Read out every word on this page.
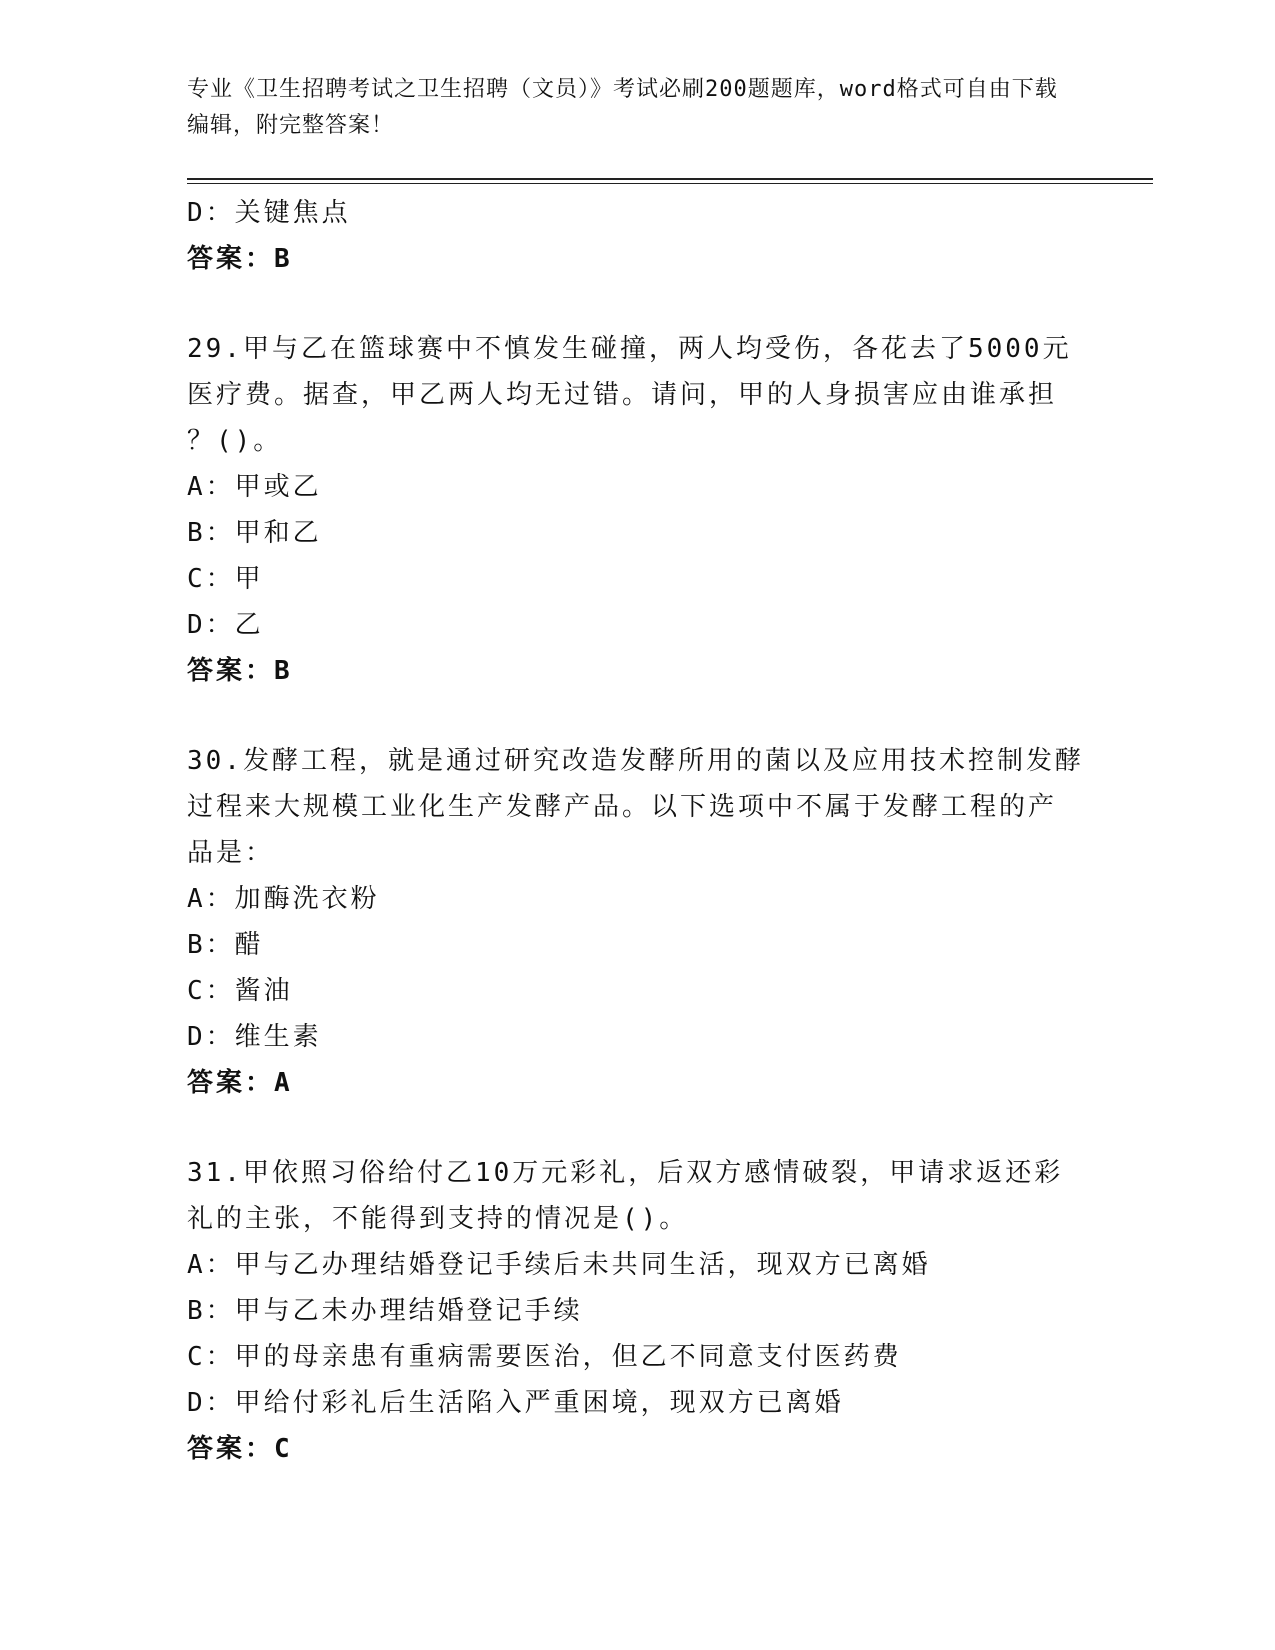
专业《卫生招聘考试之卫生招聘（文员）》考试必刷200题题库，word格式可自由下载编辑，附完整答案！
D：关键焦点
答案：B
29.甲与乙在篮球赛中不慎发生碰撞，两人均受伤，各花去了5000元
医疗费。据查，甲乙两人均无过错。请问，甲的人身损害应由谁承担
？()。
A：甲或乙
B：甲和乙
C：甲
D：乙
答案：B
30.发酵工程，就是通过研究改造发酵所用的菌以及应用技术控制发酵
过程来大规模工业化生产发酵产品。以下选项中不属于发酵工程的产
品是：
A：加酶洗衣粉
B：醋
C：酱油
D：维生素
答案：A
31.甲依照习俗给付乙10万元彩礼，后双方感情破裂，甲请求返还彩
礼的主张，不能得到支持的情况是()。
A：甲与乙办理结婚登记手续后未共同生活，现双方已离婚
B：甲与乙未办理结婚登记手续
C：甲的母亲患有重病需要医治，但乙不同意支付医药费
D：甲给付彩礼后生活陷入严重困境，现双方已离婚
答案：C
